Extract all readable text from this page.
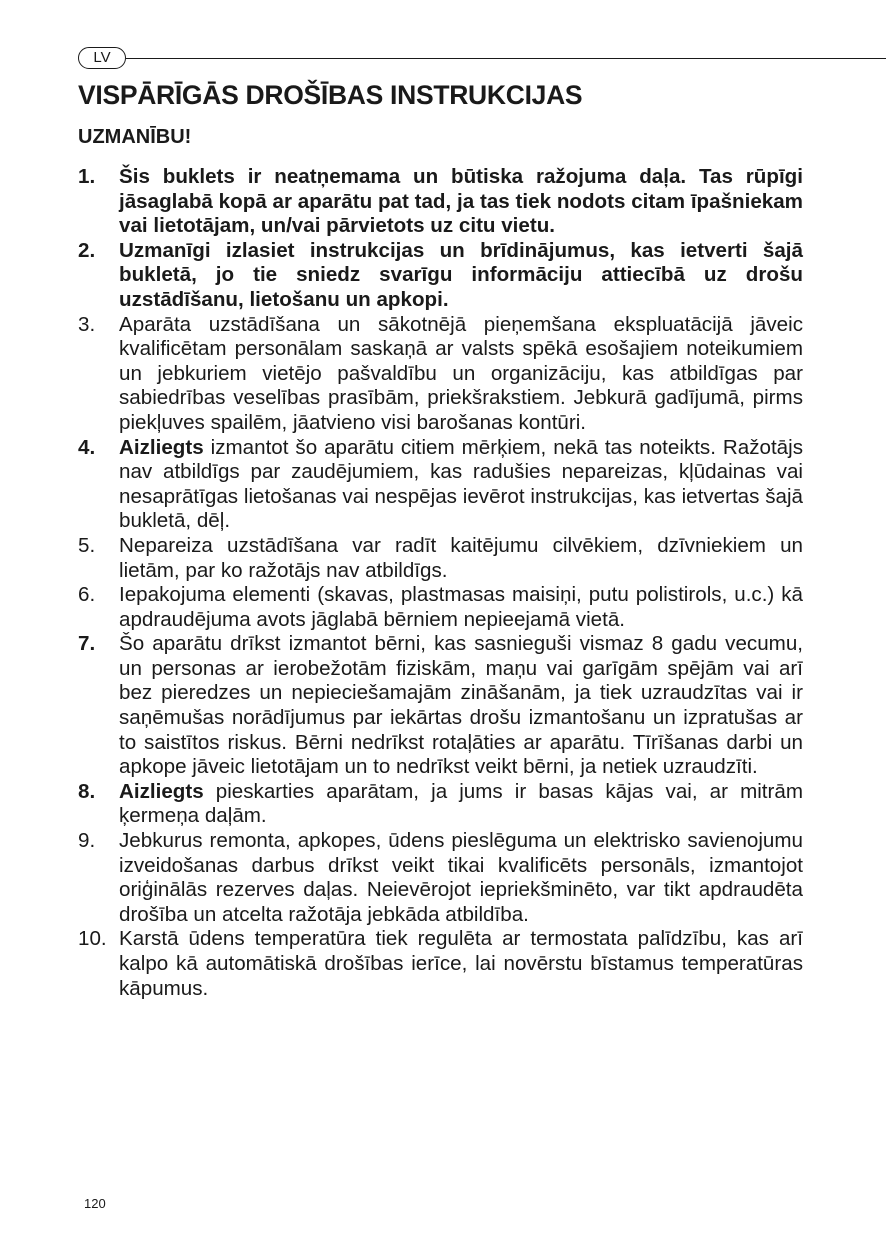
LV
VISPĀRĪGĀS DROŠĪBAS INSTRUKCIJAS
UZMANĪBU!
1. Šis buklets ir neatņemama un būtiska ražojuma daļa. Tas rūpīgi jāsaglabā kopā ar aparātu pat tad, ja tas tiek nodots citam īpašniekam vai lietotājam, un/vai pārvietots uz citu vietu.
2. Uzmanīgi izlasiet instrukcijas un brīdinājumus, kas ietverti šajā bukletā, jo tie sniedz svarīgu informāciju attiecībā uz drošu uzstādīšanu, lietošanu un apkopi.
3. Aparāta uzstādīšana un sākotnējā pieņemšana ekspluatācijā jāveic kvalificētam personālam saskaņā ar valsts spēkā esošajiem noteikumiem un jebkuriem vietējo pašvaldību un organizāciju, kas atbildīgas par sabiedrības veselības prasībām, priekšrakstiem. Jebkurā gadījumā, pirms piekļuves spailēm, jāatvieno visi barošanas kontūri.
4. Aizliegts izmantot šo aparātu citiem mērķiem, nekā tas noteikts. Ražotājs nav atbildīgs par zaudējumiem, kas radušies nepareizas, kļūdainas vai nesaprātīgas lietošanas vai nespējas ievērot instrukcijas, kas ietvertas šajā bukletā, dēļ.
5. Nepareiza uzstādīšana var radīt kaitējumu cilvēkiem, dzīvniekiem un lietām, par ko ražotājs nav atbildīgs.
6. Iepakojuma elementi (skavas, plastmasas maisiņi, putu polistirols, u.c.) kā apdraudējuma avots jāglabā bērniem nepieejamā vietā.
7. Šo aparātu drīkst izmantot bērni, kas sasnieguši vismaz 8 gadu vecumu, un personas ar ierobežotām fiziskām, maņu vai garīgām spējām vai arī bez pieredzes un nepieciešamajām zināšanām, ja tiek uzraudzītas vai ir saņēmušas norādījumus par iekārtas drošu izmantošanu un izpratušas ar to saistītos riskus. Bērni nedrīkst rotaļāties ar aparātu. Tīrīšanas darbi un apkope jāveic lietotājam un to nedrīkst veikt bērni, ja netiek uzraudzīti.
8. Aizliegts pieskarties aparātam, ja jums ir basas kājas vai, ar mitrām ķermeņa daļām.
9. Jebkurus remonta, apkopes, ūdens pieslēguma un elektrisko savienojumu izveidošanas darbus drīkst veikt tikai kvalificēts personāls, izmantojot oriģinālās rezerves daļas. Neievērojot iepriekšminēto, var tikt apdraudēta drošība un atcelta ražotāja jebkāda atbildība.
10. Karstā ūdens temperatūra tiek regulēta ar termostata palīdzību, kas arī kalpo kā automātiskā drošības ierīce, lai novērstu bīstamus temperatūras kāpumus.
120
